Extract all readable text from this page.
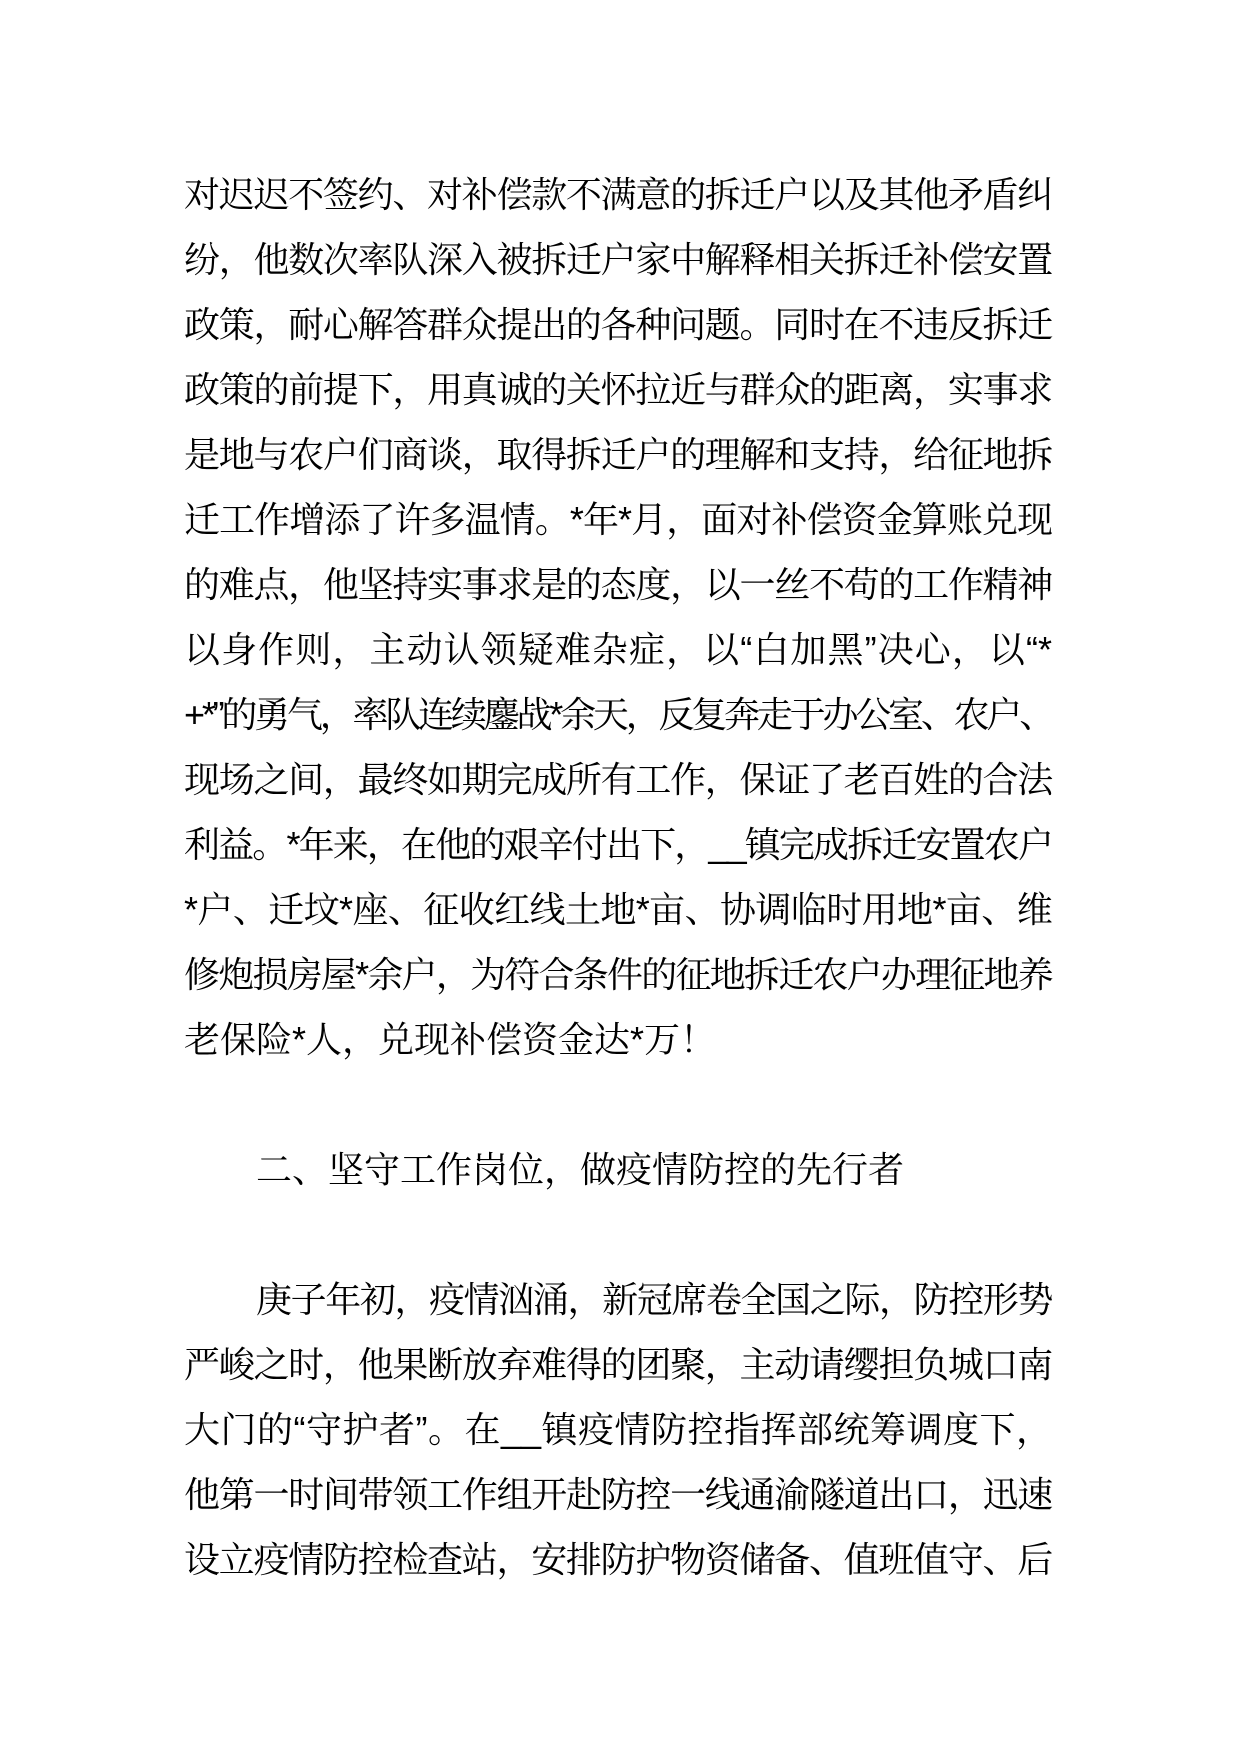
对迟迟不签约、对补偿款不满意的拆迁户以及其他矛盾纠
纷，他数次率队深入被拆迁户家中解释相关拆迁补偿安置
政策，耐心解答群众提出的各种问题。同时在不违反拆迁
政策的前提下，用真诚的关怀拉近与群众的距离，实事求
是地与农户们商谈，取得拆迁户的理解和支持，给征地拆
迁工作增添了许多温情。*年*月，面对补偿资金算账兑现
的难点，他坚持实事求是的态度，以一丝不苟的工作精神
以身作则，主动认领疑难杂症，以“白加黑”决心，以“*
+*”的勇气，率队连续鏖战*余天，反复奔走于办公室、农户、
现场之间，最终如期完成所有工作，保证了老百姓的合法
利益。*年来，在他的艰辛付出下，__镇完成拆迁安置农户
*户、迁坟*座、征收红线土地*亩、协调临时用地*亩、维
修炮损房屋*余户，为符合条件的征地拆迁农户办理征地养
老保险*人，兑现补偿资金达*万！
二、坚守工作岗位，做疫情防控的先行者
庚子年初，疫情汹涌，新冠席卷全国之际，防控形势
严峻之时，他果断放弃难得的团聚，主动请缨担负城口南
大门的“守护者”。在__镇疫情防控指挥部统筹调度下，
他第一时间带领工作组开赴防控一线通渝隧道出口，迅速
设立疫情防控检查站，安排防护物资储备、值班值守、后
